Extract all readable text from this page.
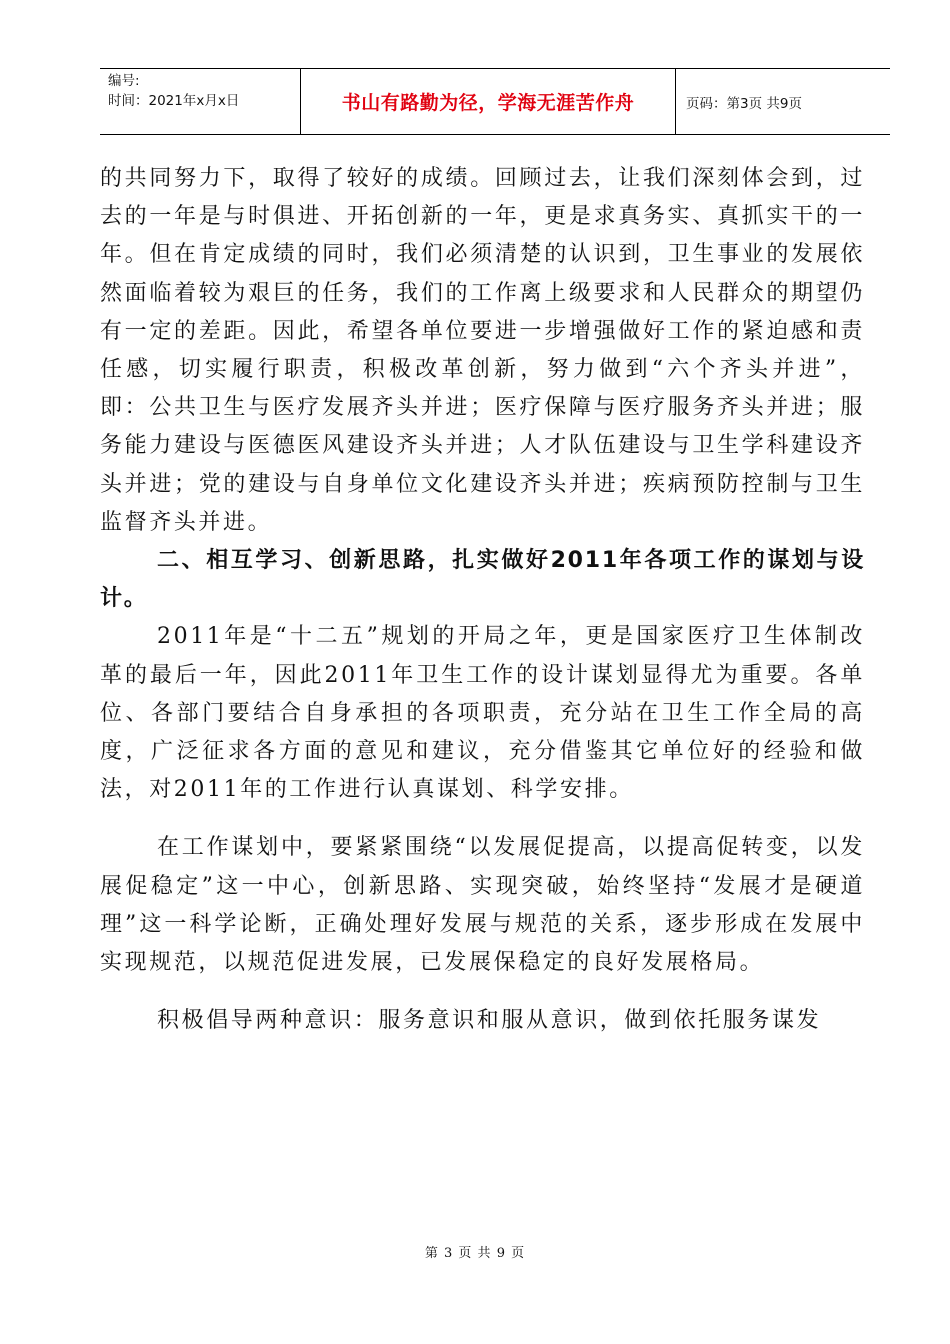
编号:
时间：2021年x月x日	书山有路勤为径，学海无涯苦作舟	页码：第3页 共9页

的共同努力下，取得了较好的成绩。回顾过去，让我们深刻体会到，过去的一年是与时俱进、开拓创新的一年，更是求真务实、真抓实干的一年。但在肯定成绩的同时，我们必须清楚的认识到，卫生事业的发展依然面临着较为艰巨的任务，我们的工作离上级要求和人民群众的期望仍有一定的差距。因此，希望各单位要进一步增强做好工作的紧迫感和责任感，切实履行职责，积极改革创新，努力做到“六个齐头并进”，即：公共卫生与医疗发展齐头并进；医疗保障与医疗服务齐头并进；服务能力建设与医德医风建设齐头并进；人才队伍建设与卫生学科建设齐头并进；党的建设与自身单位文化建设齐头并进；疾病预防控制与卫生监督齐头并进。

二、相互学习、创新思路，扎实做好2011年各项工作的谋划与设计。

2011年是“十二五”规划的开局之年，更是国家医疗卫生体制改革的最后一年，因此2011年卫生工作的设计谋划显得尤为重要。各单位、各部门要结合自身承担的各项职责，充分站在卫生工作全局的高度，广泛征求各方面的意见和建议，充分借鉴其它单位好的经验和做法，对2011年的工作进行认真谋划、科学安排。

在工作谋划中，要紧紧围绕“以发展促提高，以提高促转变，以发展促稳定”这一中心，创新思路、实现突破，始终坚持“发展才是硬道理”这一科学论断，正确处理好发展与规范的关系，逐步形成在发展中实现规范，以规范促进发展，已发展保稳定的良好发展格局。

积极倡导两种意识：服务意识和服从意识，做到依托服务谋发

第 3 页 共 9 页
